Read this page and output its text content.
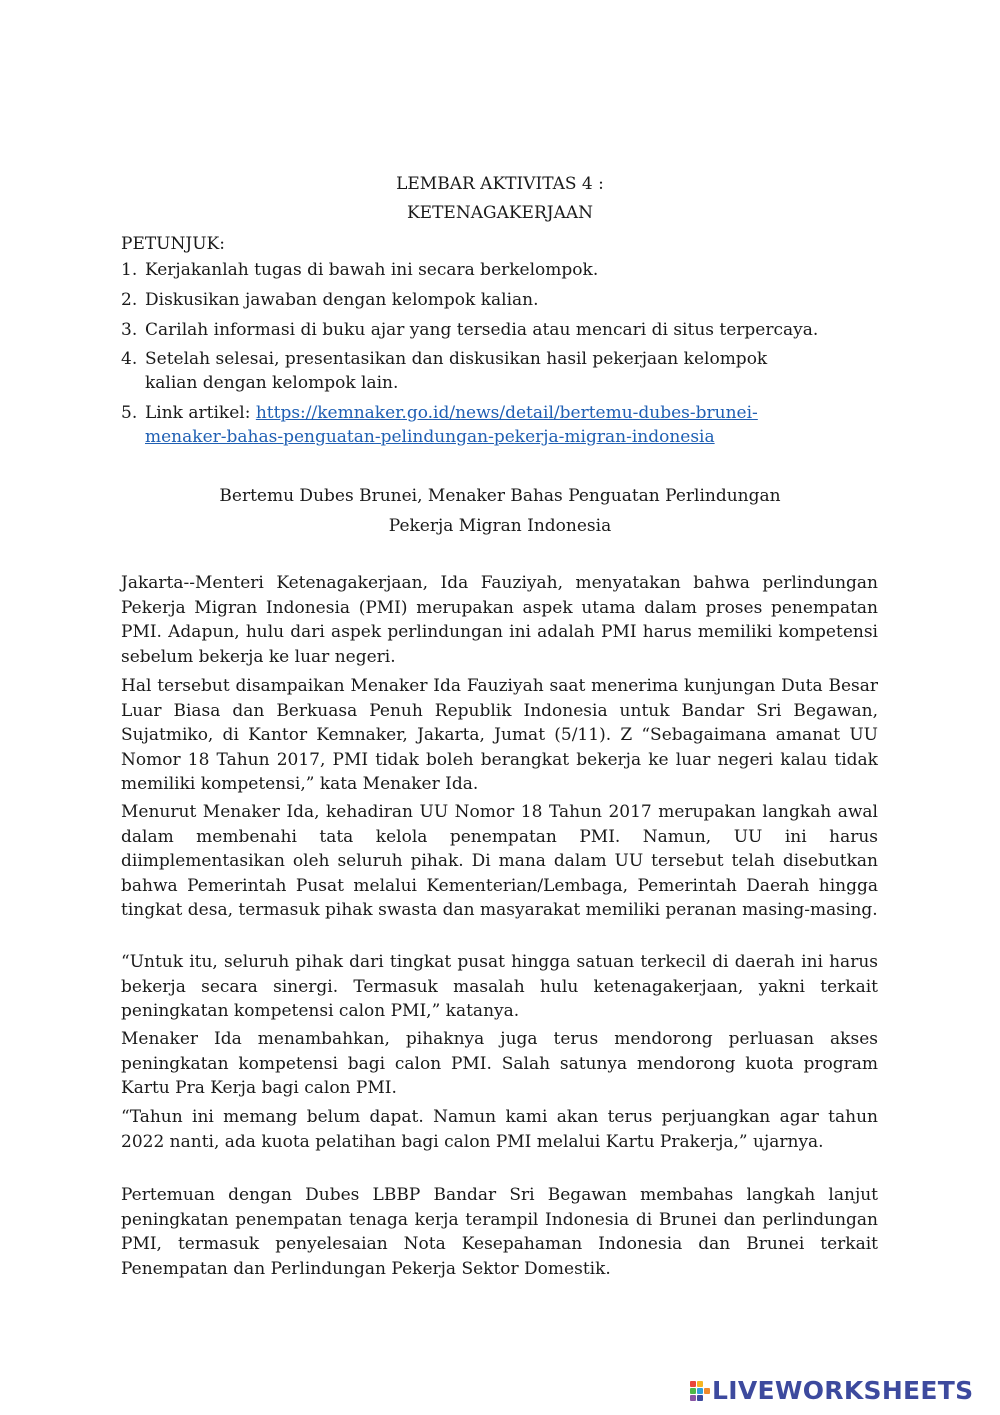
LEMBAR AKTIVITAS 4 :
KETENAGAKERJAAN
PETUNJUK:
1. Kerjakanlah tugas di bawah ini secara berkelompok.
2. Diskusikan jawaban dengan kelompok kalian.
3. Carilah informasi di buku ajar yang tersedia atau mencari di situs terpercaya.
4. Setelah selesai, presentasikan dan diskusikan hasil pekerjaan kelompok
kalian dengan kelompok lain.
5. Link artikel: https://kemnaker.go.id/news/detail/bertemu-dubes-brunei-
menaker-bahas-penguatan-pelindungan-pekerja-migran-indonesia
Bertemu Dubes Brunei, Menaker Bahas Penguatan Perlindungan
Pekerja Migran Indonesia
Jakarta--Menteri Ketenagakerjaan, Ida Fauziyah, menyatakan bahwa perlindungan Pekerja Migran Indonesia (PMI) merupakan aspek utama dalam proses penempatan PMI. Adapun, hulu dari aspek perlindungan ini adalah PMI harus memiliki kompetensi sebelum bekerja ke luar negeri.
Hal tersebut disampaikan Menaker Ida Fauziyah saat menerima kunjungan Duta Besar Luar Biasa dan Berkuasa Penuh Republik Indonesia untuk Bandar Sri Begawan, Sujatmiko, di Kantor Kemnaker, Jakarta, Jumat (5/11). Z “Sebagaimana amanat UU Nomor 18 Tahun 2017, PMI tidak boleh berangkat bekerja ke luar negeri kalau tidak memiliki kompetensi,” kata Menaker Ida.
Menurut Menaker Ida, kehadiran UU Nomor 18 Tahun 2017 merupakan langkah awal dalam membenahi tata kelola penempatan PMI. Namun, UU ini harus diimplementasikan oleh seluruh pihak. Di mana dalam UU tersebut telah disebutkan bahwa Pemerintah Pusat melalui Kementerian/Lembaga, Pemerintah Daerah hingga tingkat desa, termasuk pihak swasta dan masyarakat memiliki peranan masing-masing.
“Untuk itu, seluruh pihak dari tingkat pusat hingga satuan terkecil di daerah ini harus bekerja secara sinergi. Termasuk masalah hulu ketenagakerjaan, yakni terkait peningkatan kompetensi calon PMI,” katanya.
Menaker Ida menambahkan, pihaknya juga terus mendorong perluasan akses peningkatan kompetensi bagi calon PMI. Salah satunya mendorong kuota program Kartu Pra Kerja bagi calon PMI.
“Tahun ini memang belum dapat. Namun kami akan terus perjuangkan agar tahun 2022 nanti, ada kuota pelatihan bagi calon PMI melalui Kartu Prakerja,” ujarnya.
Pertemuan dengan Dubes LBBP Bandar Sri Begawan membahas langkah lanjut peningkatan penempatan tenaga kerja terampil Indonesia di Brunei dan perlindungan PMI, termasuk penyelesaian Nota Kesepahaman Indonesia dan Brunei terkait Penempatan dan Perlindungan Pekerja Sektor Domestik.
LIVEWORKSHEETS
